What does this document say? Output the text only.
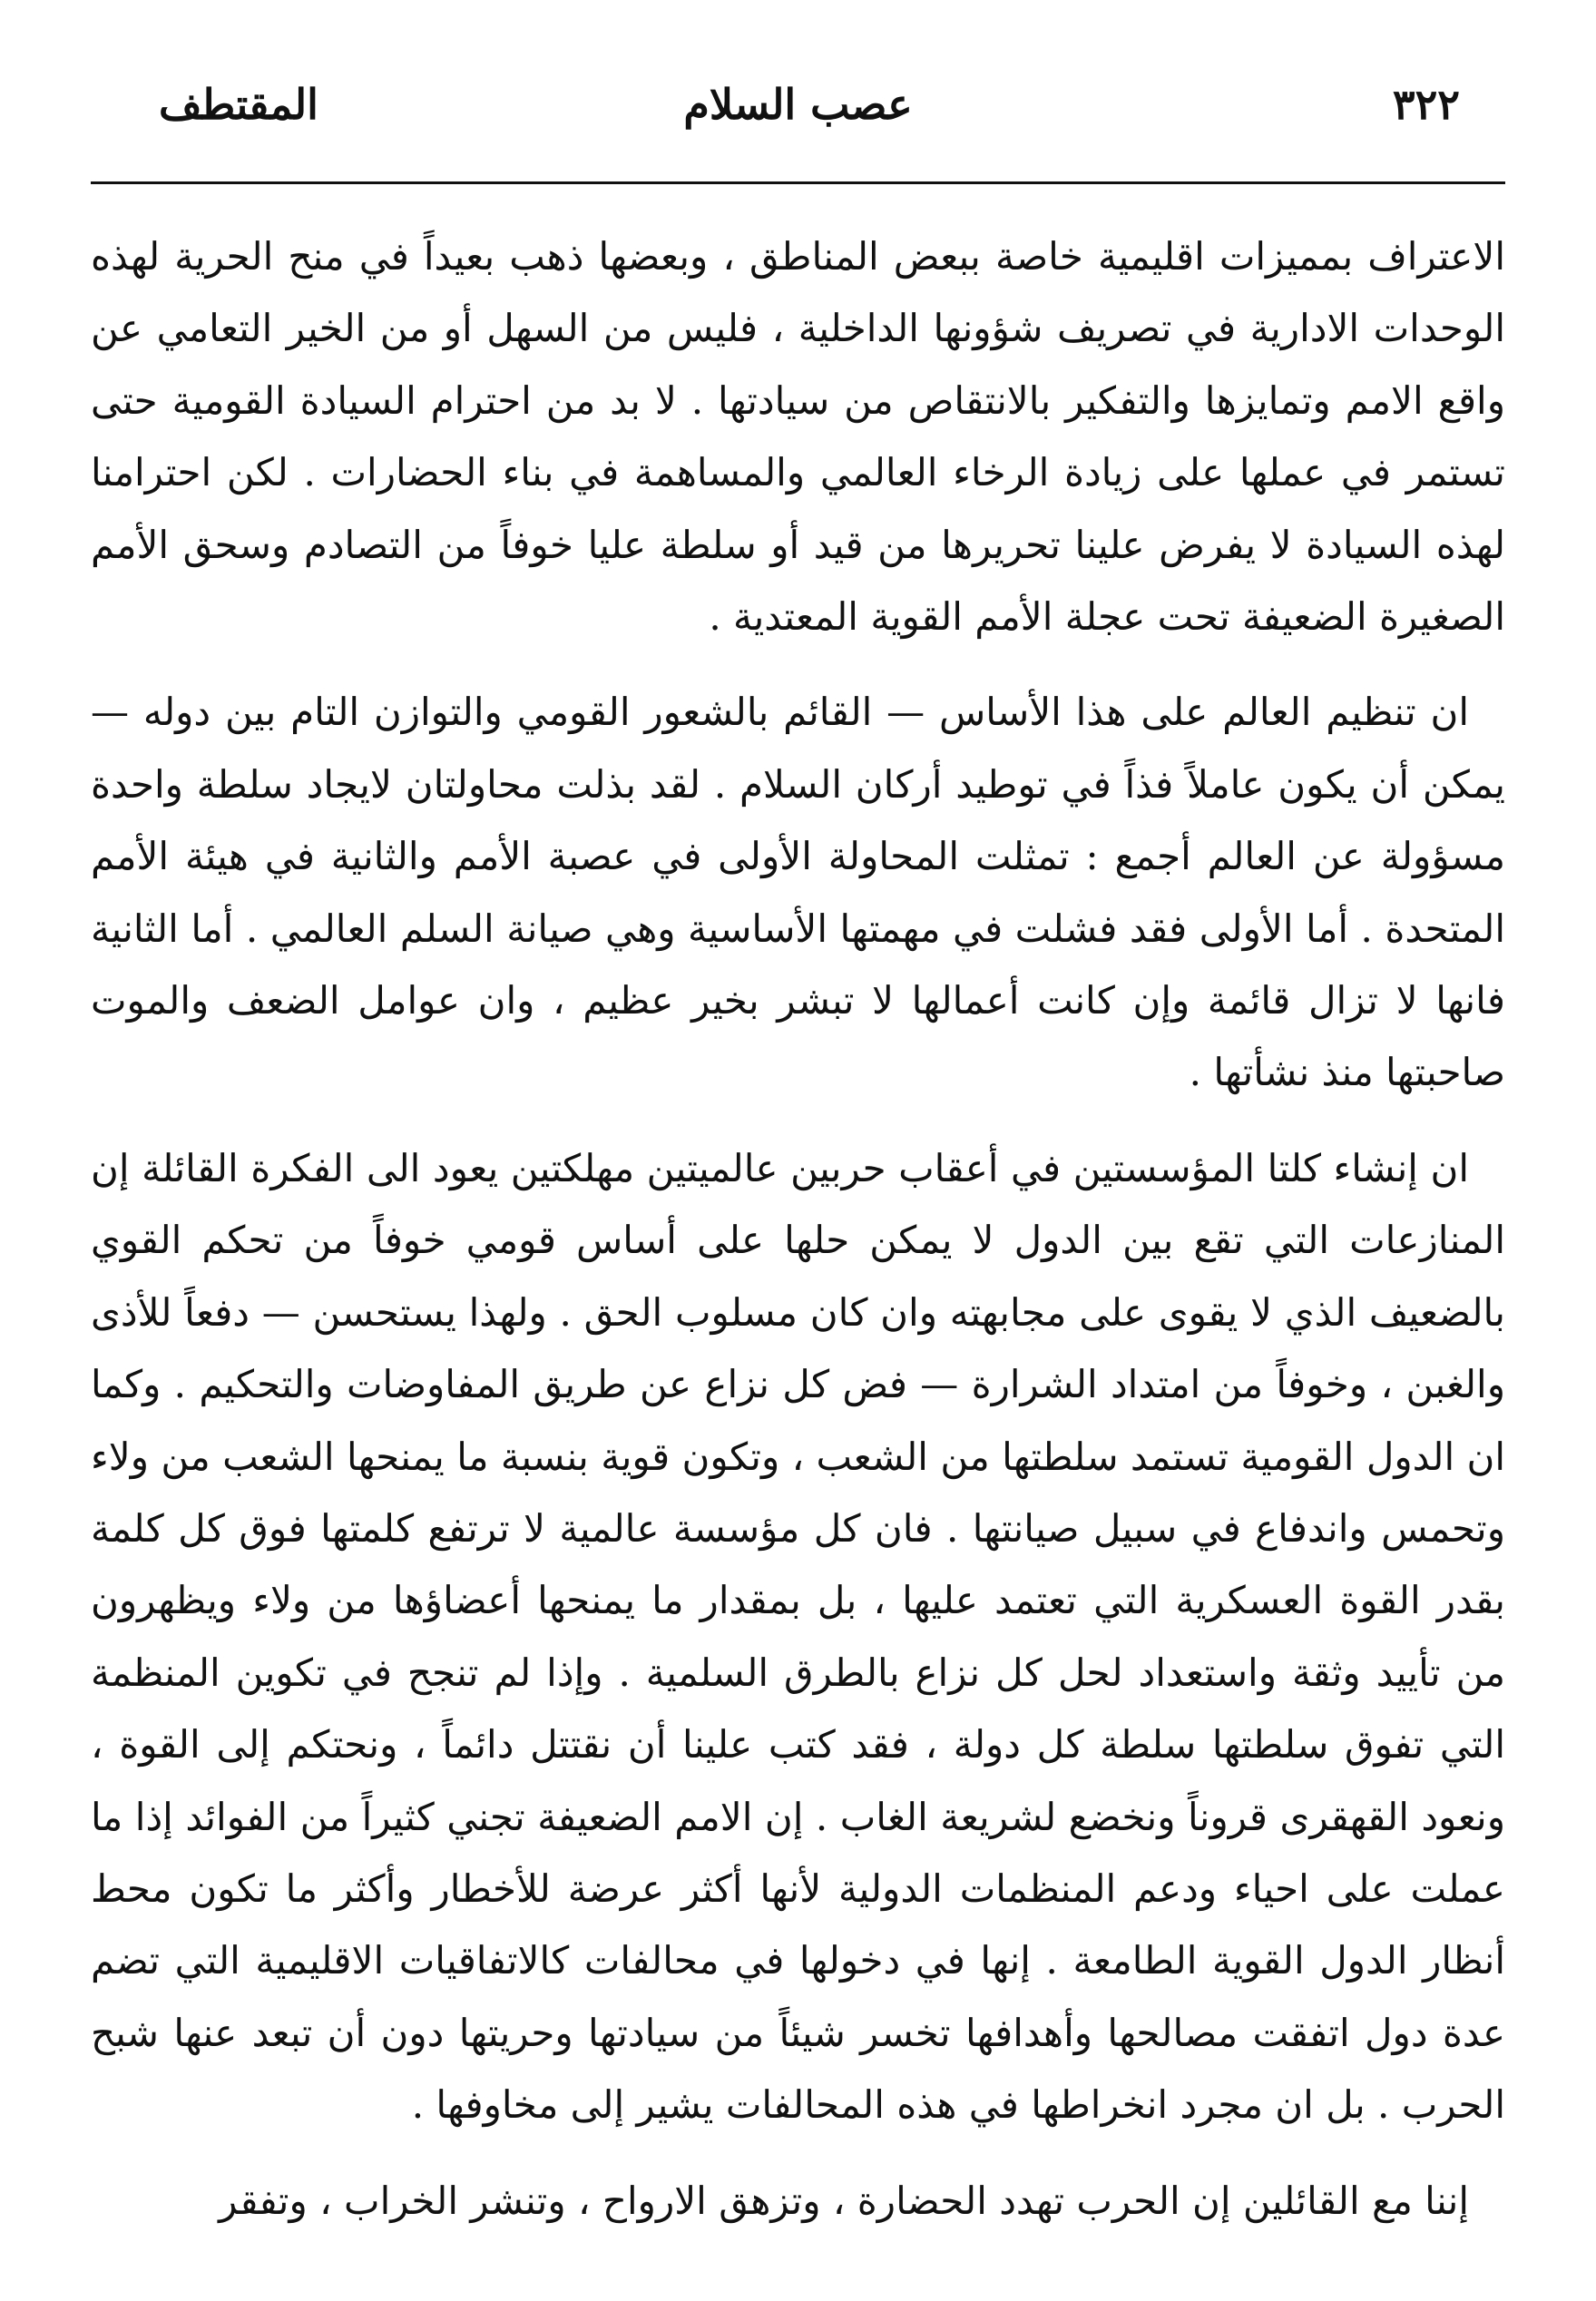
٣٢٢
عصب السلام
المقتطف

الاعتراف بمميزات اقليمية خاصة ببعض المناطق ، وبعضها ذهب بعيداً في منح الحرية لهذه الوحدات الادارية في تصريف شؤونها الداخلية ، فليس من السهل أو من الخير التعامي عن واقع الامم وتمايزها والتفكير بالانتقاص من سيادتها . لا بد من احترام السيادة القومية حتى تستمر في عملها على زيادة الرخاء العالمي والمساهمة في بناء الحضارات . لكن احترامنا لهذه السيادة لا يفرض علينا تحريرها من قيد أو سلطة عليا خوفاً من التصادم وسحق الأمم الصغيرة الضعيفة تحت عجلة الأمم القوية المعتدية .

ان تنظيم العالم على هذا الأساس — القائم بالشعور القومي والتوازن التام بين دوله — يمكن أن يكون عاملاً فذاً في توطيد أركان السلام . لقد بذلت محاولتان لايجاد سلطة واحدة مسؤولة عن العالم أجمع : تمثلت المحاولة الأولى في عصبة الأمم والثانية في هيئة الأمم المتحدة . أما الأولى فقد فشلت في مهمتها الأساسية وهي صيانة السلم العالمي . أما الثانية فانها لا تزال قائمة وإن كانت أعمالها لا تبشر بخير عظيم ، وان عوامل الضعف والموت صاحبتها منذ نشأتها .

ان إنشاء كلتا المؤسستين في أعقاب حربين عالميتين مهلكتين يعود الى الفكرة القائلة إن المنازعات التي تقع بين الدول لا يمكن حلها على أساس قومي خوفاً من تحكم القوي بالضعيف الذي لا يقوى على مجابهته وان كان مسلوب الحق . ولهذا يستحسن — دفعاً للأذى والغبن ، وخوفاً من امتداد الشرارة — فض كل نزاع عن طريق المفاوضات والتحكيم . وكما ان الدول القومية تستمد سلطتها من الشعب ، وتكون قوية بنسبة ما يمنحها الشعب من ولاء وتحمس واندفاع في سبيل صيانتها . فان كل مؤسسة عالمية لا ترتفع كلمتها فوق كل كلمة بقدر القوة العسكرية التي تعتمد عليها ، بل بمقدار ما يمنحها أعضاؤها من ولاء ويظهرون من تأييد وثقة واستعداد لحل كل نزاع بالطرق السلمية . وإذا لم تنجح في تكوين المنظمة التي تفوق سلطتها سلطة كل دولة ، فقد كتب علينا أن نقتتل دائماً ، ونحتكم إلى القوة ، ونعود القهقرى قروناً ونخضع لشريعة الغاب . إن الامم الضعيفة تجني كثيراً من الفوائد إذا ما عملت على احياء ودعم المنظمات الدولية لأنها أكثر عرضة للأخطار وأكثر ما تكون محط أنظار الدول القوية الطامعة . إنها في دخولها في محالفات كالاتفاقيات الاقليمية التي تضم عدة دول اتفقت مصالحها وأهدافها تخسر شيئاً من سيادتها وحريتها دون أن تبعد عنها شبح الحرب . بل ان مجرد انخراطها في هذه المحالفات يشير إلى مخاوفها .

إننا مع القائلين إن الحرب تهدد الحضارة ، وتزهق الارواح ، وتنشر الخراب ، وتفقر
